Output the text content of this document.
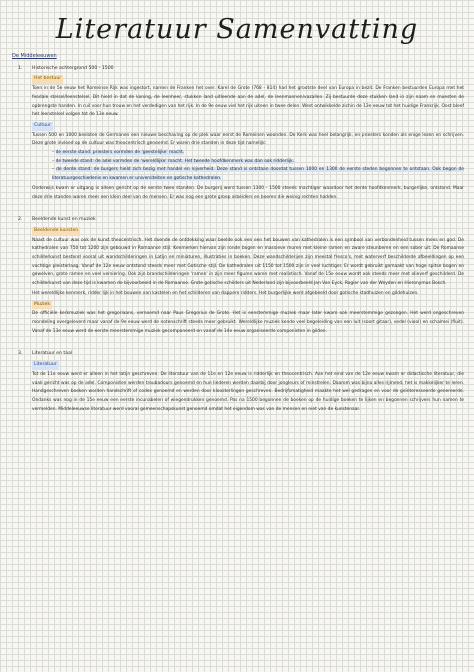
Literatuur Samenvatting

De Middeleeuwen

1. Historische achtergrond 500 - 1500
Het bestuur
Toen in de 5e eeuw het Romeinse Rijk was ingestort, namen de Franken het over. Karel de Grote (768 - 814) had het grootste deel van Europa in bezit. De Franken bestuurden Europa met het feodale stelsel/leenstelsel. Dit hield in dat de koning, de leenheer, stukken land uitleende aan de adel, de leenmannen/vazallen. Zij bestuurde deze stukken land in zijn naam en moesten de opbrengste handen. In ruil voor hun trouw en het verdedigen van het rijk. In de 9e eeuw viel het rijk uiteen in twee delen. West ontwikkelde zichin de 13e eeuw tot het huidige Frankrijk. Oost bleef het leenstelsel volgen tot de 13e eeuw.
Cultuur
Tussen 500 en 1000 besloten de Germanen een nieuwe beschaving op de plek waar eerst de Romeinen woonden. De Kerk was heel belangrijk, en priesters konden als enige lezen en schrijven. Deze grote invloed op de cultuur was theocentrisch genoemd. Er waren drie standen in deze tijd namelijk:
– de eerste stand: priesters vormden de 'geestelijke' macht.
– de tweede stand: de adel vormden de 'wereldlijke' macht. Het tweede hoofdkenmerk was dan ook ridderlijk.
– de derde stand: de burgers hield zich bezig met handel en nijverheid. Deze stand is ontstaan doordat tussen 1000 en 1300 de eerste steden begonnen te ontstaan. Ook begon de literatuurgeschiedenis en kwamen er universiteiten en gotische kathedralen.
Onderwijs kwam er uitgang is alleen gericht op de eerste twee standen. De burgerij werd tussen 1300 - 1500 steeds machtiger waardoor het derde hoofdkenmerk, burgerlijke, ontstond. Maar deze drie standen waren meer een klein deel van de mensen. Er was nog een grote groep arbeiders en boeren die weinig rechten hadden.
2. Beeldende kunst en muziek
Beeldende kunsten
Naast de cultuur was ook de kunst theocentrisch. Het doende de ontdekking waar beelde ook een een het bouwen van kathedralen is een symbool van verbondenheid tussen mens en god. De kathedralen van 750 tot 1200 zijn gebouwd in Romaanse stijl. Kenmerken hiervan zijn ronde bogen en massieve muren met kleine ramen en zware steunberen en een sober uit. De Romaanse schilderkunst bestond vooral uit wandschilderingen in Latijn en miniaturen, illustraties in boeken. Deze wandschilderijen zijn meestal fresco's, met waterverf beschilderde afbeeldingen op een vochtige pleisterlaag. Vanaf de 12e eeuw ontstond steeds meer met Gotische stijl. De kathedralen uit 1150 tot 1500 zijn in veel luchtiger. Er wordt gebruikt gemaakt van hoge spitse bogen en gewelven, grote ramen en veel versiering. Ook zijn brandschilderingen 'ramen' in zijn meer figuren waren met realistisch. Vanaf de 15e eeuw wordt ook steeds meer met olieverf geschilderd. De schilderkunst van deze tijd is kwamen de bijvoorbeeld in de Romaanse. Grote gotische schilders uit Nederland zijn bijvoorbeeld Jan Van Eyck, Rogier van der Weyden en Hieronymus Bosch.
Het wereldlijke kenmerk, ridder lijk in het bouwen van kastelen en het schilderen van dappere ridders. Het burgerlijke werd afgebeeld door gotische stadhuizen en gildehuizen.
Muziek
De officiële kerkmuziek was het gregoriaans, vernoemd naar Paus Gregorius de Grote. Het is eenstemmige muziek maar later kwam ook meerstemmige gezongen. Het werd ongeschreven mondeling overgeleverd maar vanaf de 9e eeuw werd de notenschrift steeds meer gebruikt. Wereldlijke muziek kende veel begeleiding van een luit (soort gitaar), vedel (viool) en schalmei (fluit). Vanaf de 13e eeuw werd de eerste meerstemmige muziek gecomponeerd en vanaf de 14e eeuw organiseerde componisten in gilden.
3. Literatuur en taal
Literatuur
Tot de 11e eeuw werd er alleen in het latijn geschreven. De literatuur van de 11e en 12e eeuw is ridderlijk en theocentrisch. Aan het eind van de 12e eeuw kwam er didactische literatuur, die vaak gericht was op de adel. Componisten werden troubadours genoemd en hun liederen werden daarbij door jongleurs of minstrelen. Daarom was bijna alles rijmend, het is makkelijker te leren. Handgeschreven boeken worden handschrift of codex genoemd en werden door kloosterlingen geschreven. Bedrijfsmatigheid maakte het wel gedragen en voor de geïnteresseerde genereerde. Ondanks was nog in de 15e eeuw een eerste incunabelen of wiegendrukken genoemd. Pas na 1500 begonnen de boeken op de huidige boeken te lijken en begonnen schrijvers hun namen te vermelden. Middeleeuwse literatuur werd vooral gemeenschapskunst genoemd omdat het eigendom was van de mensen en niet van de kunstenaar.
